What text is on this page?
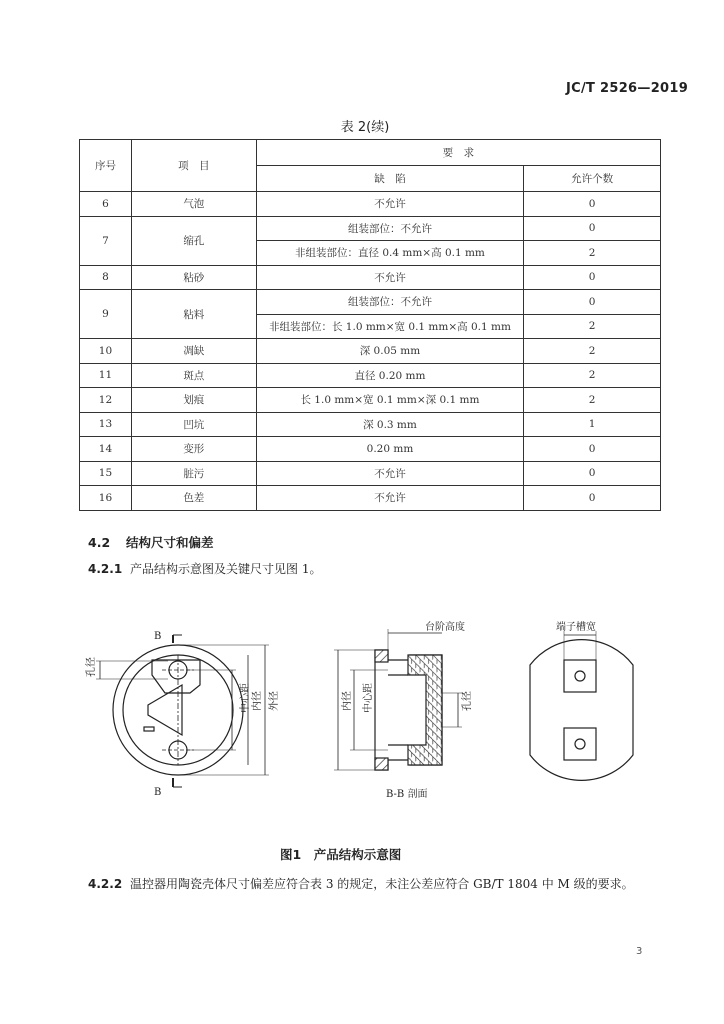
JC/T 2526—2019
表 2(续)
序号	项　目	要　求	
		缺　陷	允许个数
6	气泡	不允许	0
7	缩孔	组装部位：不允许	0
		非组装部位：直径 0.4 mm×高 0.1 mm	2
8	粘砂	不允许	0
9	粘料	组装部位：不允许	0
		非组装部位：长 1.0 mm×宽 0.1 mm×高 0.1 mm	2
10	凋缺	深 0.05 mm	2
11	斑点	直径 0.20 mm	2
12	划痕	长 1.0 mm×宽 0.1 mm×深 0.1 mm	2
13	凹坑	深 0.3 mm	1
14	变形	0.20 mm	0
15	脏污	不允许	0
16	色差	不允许	0
4.2 结构尺寸和偏差
4.2.1 产品结构示意图及关键尺寸见图 1。
B
B
孔径
中心距 内径 外径
台阶高度
内径 中心距	孔径
B-B 剖面
端子槽宽
图1　产品结构示意图
4.2.2 温控器用陶瓷壳体尺寸偏差应符合表 3 的规定，未注公差应符合 GB/T 1804 中 M 级的要求。
3
